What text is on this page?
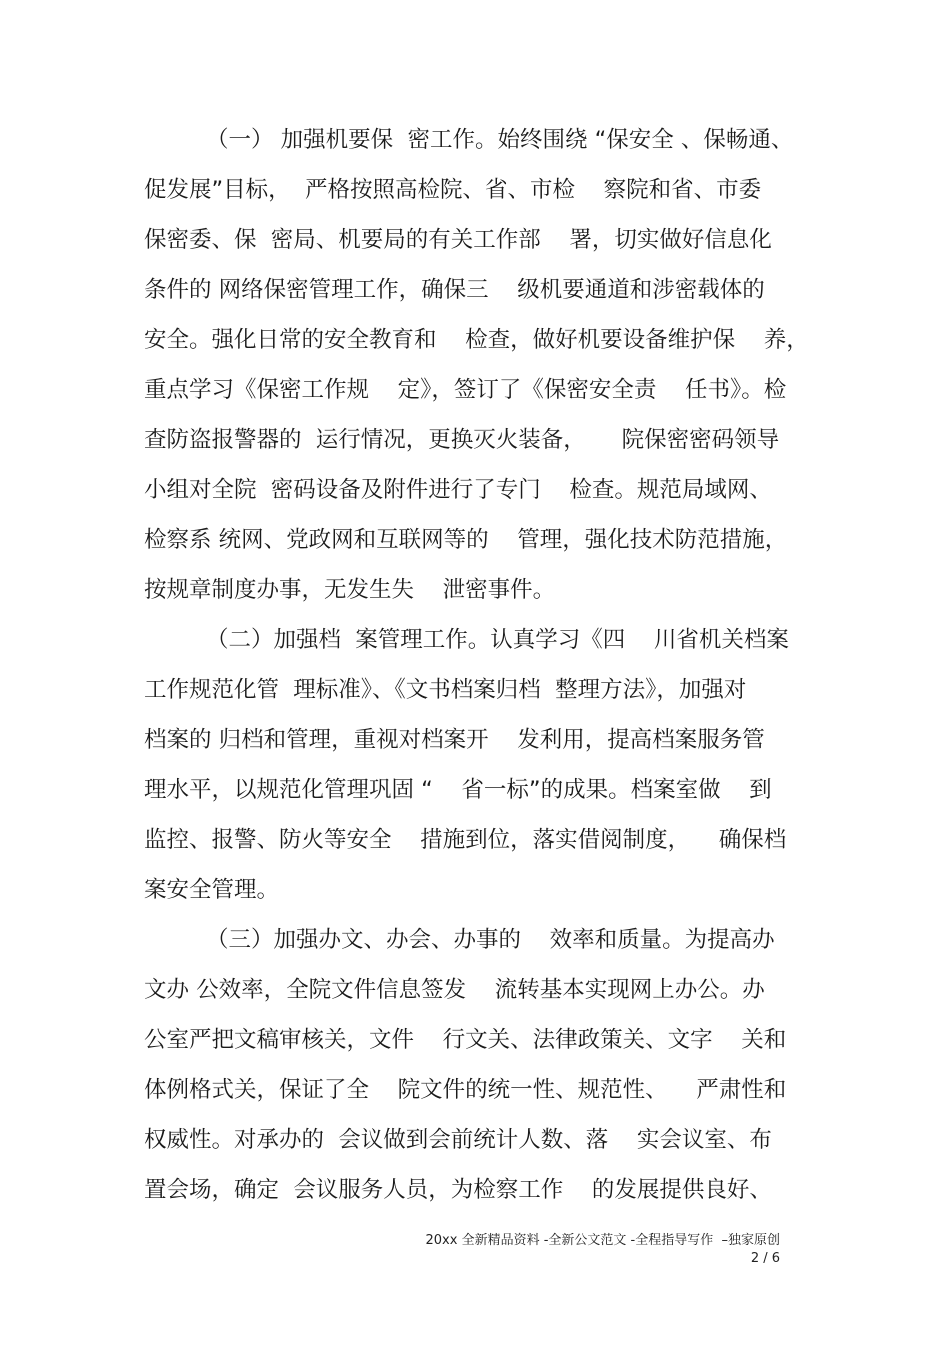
（一） 加强机要保  密工作。始终围绕 “保安全 、保畅通、
促发展”目标，  严格按照高检院、省、市检    察院和省、市委
保密委、保  密局、机要局的有关工作部    署，切实做好信息化
条件的 网络保密管理工作，确保三    级机要通道和涉密载体的
安全。强化日常的安全教育和    检查，做好机要设备维护保    养，
重点学习《保密工作规    定》，签订了《保密安全责    任书》。检
查防盗报警器的  运行情况，更换灭火装备，     院保密密码领导
小组对全院  密码设备及附件进行了专门    检查。规范局域网、
检察系 统网、党政网和互联网等的    管理，强化技术防范措施，
按规章制度办事，无发生失    泄密事件。
（二）加强档  案管理工作。认真学习《四    川省机关档案
工作规范化管  理标准》、《文书档案归档  整理方法》，加强对
档案的 归档和管理，重视对档案开    发利用，提高档案服务管
理水平，以规范化管理巩固 “    省一标”的成果。档案室做    到
监控、报警、防火等安全    措施到位，落实借阅制度，    确保档
案安全管理。
（三）加强办文、办会、办事的    效率和质量。为提高办
文办 公效率，全院文件信息签发    流转基本实现网上办公。办
公室严把文稿审核关，文件    行文关、法律政策关、文字    关和
体例格式关，保证了全    院文件的统一性、规范性、    严肃性和
权威性。对承办的  会议做到会前统计人数、落    实会议室、布
置会场，确定  会议服务人员，为检察工作    的发展提供良好、
20xx 全新精品资料 -全新公文范文 -全程指导写作  –独家原创
2 / 6
